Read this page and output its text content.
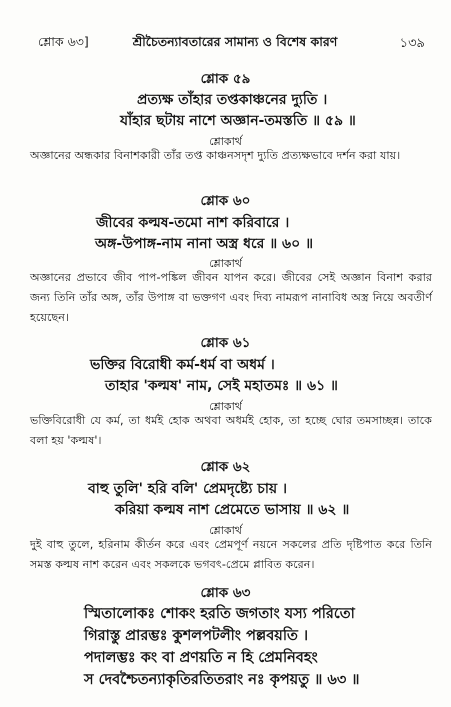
শ্লোক ৬৩]	শ্রীচৈতন্যাবতারের সামান্য ও বিশেষ কারণ	১৩৯
শ্লোক ৫৯
প্রত্যক্ষ তাঁহার তপ্তকাঞ্চনের দ্যুতি ।
যাঁহার ছটায় নাশে অজ্ঞান-তমস্ততি ॥ ৫৯ ॥
শ্লোকার্থ
অজ্ঞানের অন্ধকার বিনাশকারী তাঁর তপ্ত কাঞ্চনসদৃশ দ্যুতি প্রত্যক্ষভাবে দর্শন করা যায়।
শ্লোক ৬০
জীবের কল্মষ-তমো নাশ করিবারে ।
অঙ্গ-উপাঙ্গ-নাম নানা অস্ত্র ধরে ॥ ৬০ ॥
শ্লোকার্থ
অজ্ঞানের প্রভাবে জীব পাপ-পঙ্কিল জীবন যাপন করে। জীবের সেই অজ্ঞান বিনাশ করার জন্য তিনি তাঁর অঙ্গ, তাঁর উপাঙ্গ বা ভক্তগণ এবং দিব্য নামরূপ নানাবিধ অস্ত্র নিয়ে অবতীর্ণ হয়েছেন।
শ্লোক ৬১
ভক্তির বিরোধী কর্ম-ধর্ম বা অধর্ম ।
তাহার 'কল্মষ' নাম, সেই মহাতমঃ ॥ ৬১ ॥
শ্লোকার্থ
ভক্তিবিরোধী যে কর্ম, তা ধর্মই হোক অথবা অধর্মই হোক, তা হচ্ছে ঘোর তমসাচ্ছন্ন। তাকে বলা হয় 'কল্মষ'।
শ্লোক ৬২
বাহু তুলি' হরি বলি' প্রেমদৃষ্ট্যে চায় ।
করিয়া কল্মষ নাশ প্রেমেতে ভাসায় ॥ ৬২ ॥
শ্লোকার্থ
দুই বাহু তুলে, হরিনাম কীর্তন করে এবং প্রেমপূর্ণ নয়নে সকলের প্রতি দৃষ্টিপাত করে তিনি সমস্ত কল্মষ নাশ করেন এবং সকলকে ভগবৎ-প্রেমে প্লাবিত করেন।
শ্লোক ৬৩
স্মিতালোকঃ শোকং হরতি জগতাং যস্য পরিতো
গিরাস্তু প্রারম্ভঃ কুশলপটলীং পল্লবয়তি ।
পদালম্ভঃ কং বা প্রণয়তি ন হি প্রেমনিবহং
স দেবশ্চৈতন্যাকৃতিরতিতরাং নঃ কৃপয়তু ॥ ৬৩ ॥
